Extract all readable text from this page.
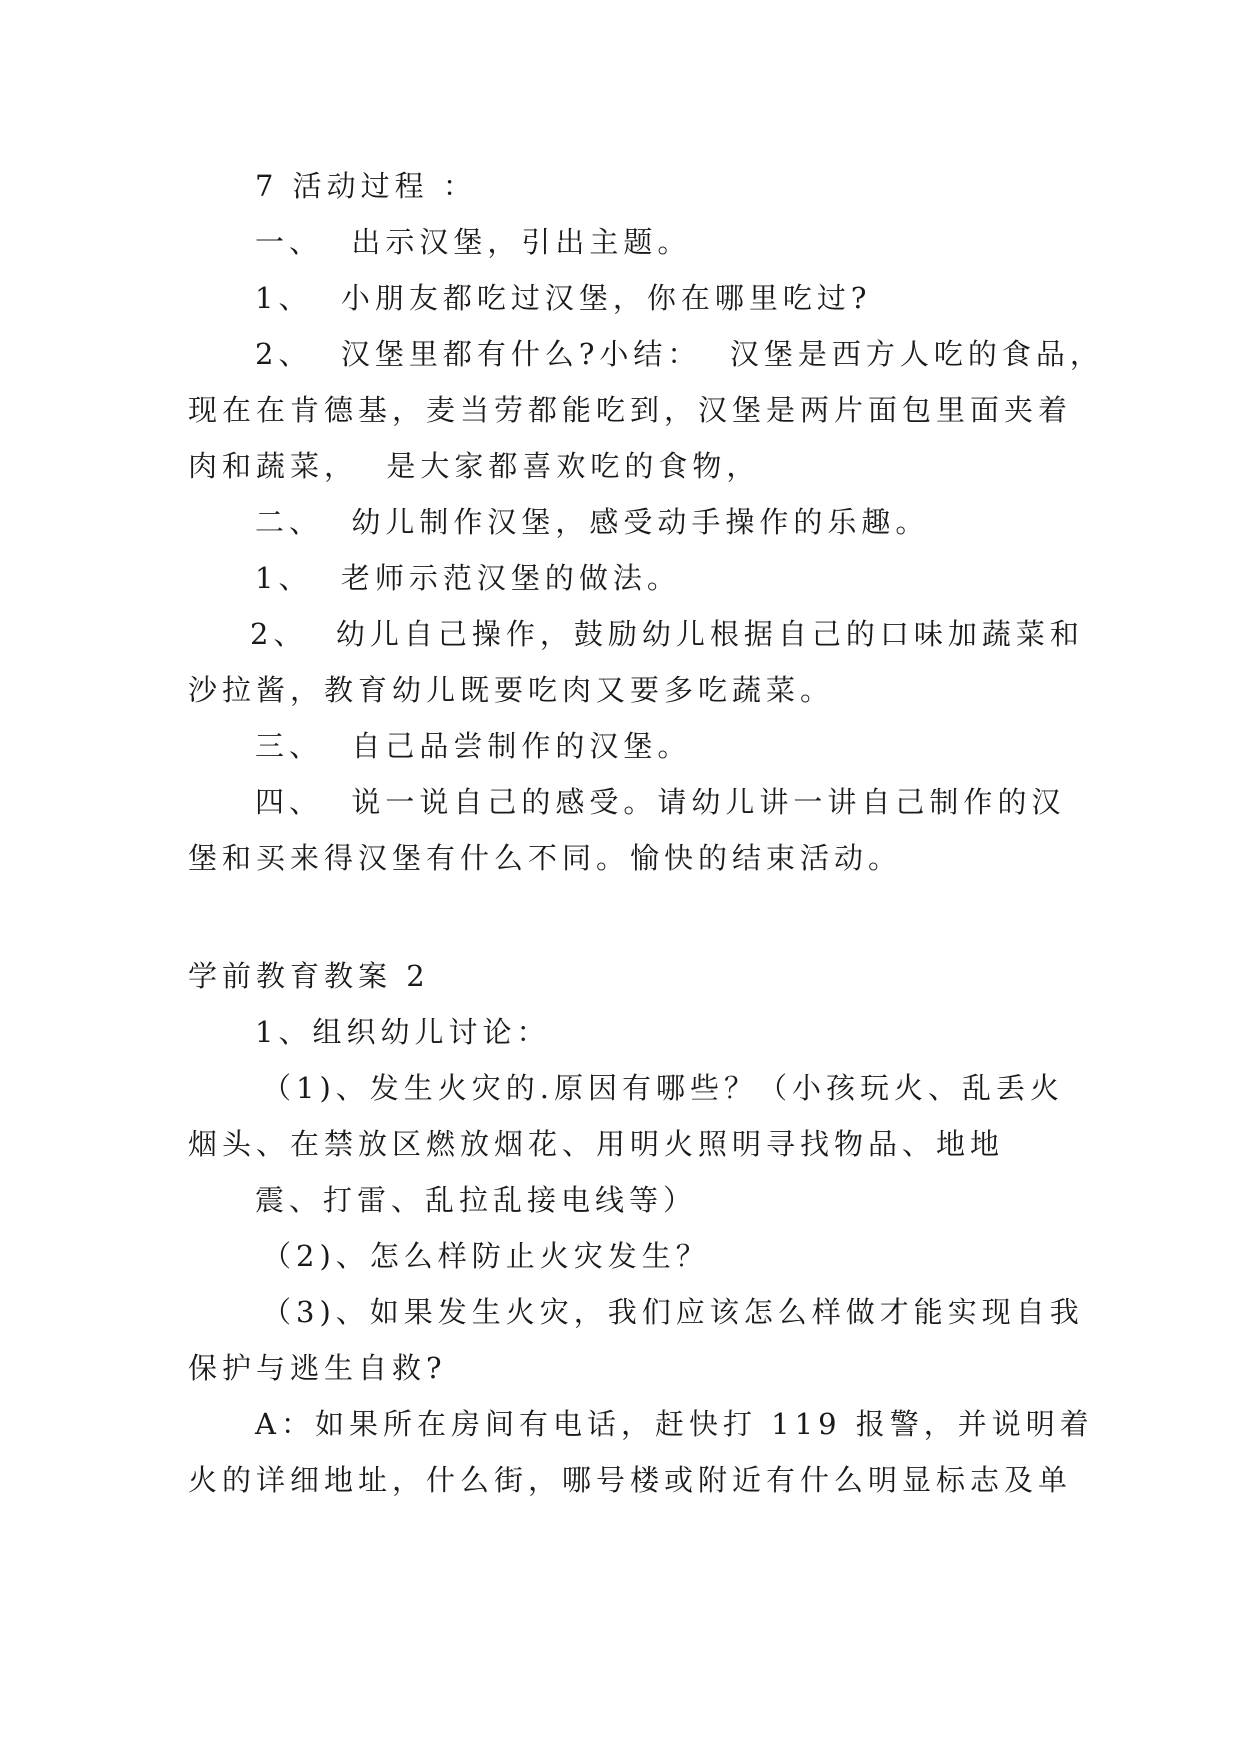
7 活动过程 ：
一、  出示汉堡，引出主题。
1、  小朋友都吃过汉堡，你在哪里吃过?
2、  汉堡里都有什么?小结：  汉堡是西方人吃的食品，
现在在肯德基，麦当劳都能吃到，汉堡是两片面包里面夹着
肉和蔬菜，  是大家都喜欢吃的食物，
二、  幼儿制作汉堡，感受动手操作的乐趣。
1、  老师示范汉堡的做法。
2、  幼儿自己操作，鼓励幼儿根据自己的口味加蔬菜和
沙拉酱，教育幼儿既要吃肉又要多吃蔬菜。
三、  自己品尝制作的汉堡。
四、  说一说自己的感受。请幼儿讲一讲自己制作的汉
堡和买来得汉堡有什么不同。愉快的结束活动。
学前教育教案 2
1、组织幼儿讨论：
（1)、发生火灾的.原因有哪些？（小孩玩火、乱丢火
烟头、在禁放区燃放烟花、用明火照明寻找物品、地地
震、打雷、乱拉乱接电线等）
（2)、怎么样防止火灾发生？
（3)、如果发生火灾，我们应该怎么样做才能实现自我
保护与逃生自救?
A：如果所在房间有电话，赶快打 119 报警，并说明着
火的详细地址，什么街，哪号楼或附近有什么明显标志及单
